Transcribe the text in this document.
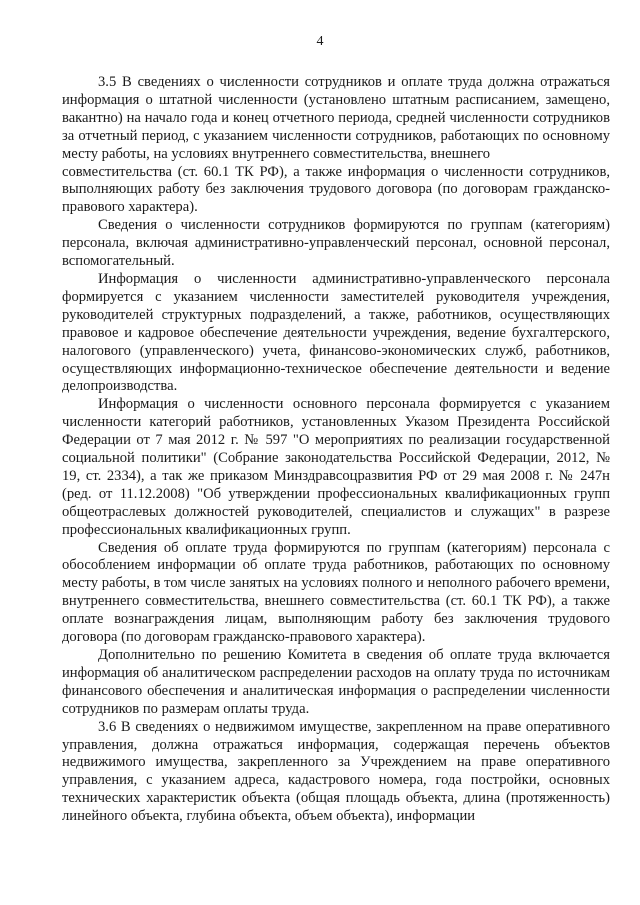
4

3.5 В сведениях о численности сотрудников и оплате труда должна отражаться информация о штатной численности (установлено штатным расписанием, замещено, вакантно) на начало года и конец отчетного периода, средней численности сотрудников за отчетный период, с указанием численности сотрудников, работающих по основному месту работы, на условиях внутреннего совместительства, внешнего

совместительства (ст. 60.1 ТК РФ), а также информация о численности сотрудников, выполняющих работу без заключения трудового договора (по договорам гражданско-правового характера).

Сведения о численности сотрудников формируются по группам (категориям) персонала, включая административно-управленческий персонал, основной персонал, вспомогательный.

Информация о численности административно-управленческого персонала формируется с указанием численности заместителей руководителя учреждения, руководителей структурных подразделений, а также, работников, осуществляющих правовое и кадровое обеспечение деятельности учреждения, ведение бухгалтерского, налогового (управленческого) учета, финансово-экономических служб, работников, осуществляющих информационно-техническое обеспечение деятельности и ведение делопроизводства.

Информация о численности основного персонала формируется с указанием численности категорий работников, установленных Указом Президента Российской Федерации от 7 мая 2012 г. № 597 "О мероприятиях по реализации государственной социальной политики" (Собрание законодательства Российской Федерации, 2012, № 19, ст. 2334), а так же приказом Минздравсоцразвития РФ от 29 мая 2008 г. № 247н (ред. от 11.12.2008) "Об утверждении профессиональных квалификационных групп общеотраслевых должностей руководителей, специалистов и служащих" в разрезе профессиональных квалификационных групп.

Сведения об оплате труда формируются по группам (категориям) персонала с обособлением информации об оплате труда работников, работающих по основному месту работы, в том числе занятых на условиях полного и неполного рабочего времени, внутреннего совместительства, внешнего совместительства (ст. 60.1 ТК РФ), а также оплате вознаграждения лицам, выполняющим работу без заключения трудового договора (по договорам гражданско-правового характера).

Дополнительно по решению Комитета в сведения об оплате труда включается информация об аналитическом распределении расходов на оплату труда по источникам финансового обеспечения и аналитическая информация о распределении численности сотрудников по размерам оплаты труда.

3.6 В сведениях о недвижимом имуществе, закрепленном на праве оперативного управления, должна отражаться информация, содержащая перечень объектов недвижимого имущества, закрепленного за Учреждением на праве оперативного управления, с указанием адреса, кадастрового номера, года постройки, основных технических характеристик объекта (общая площадь объекта, длина (протяженность) линейного объекта, глубина объекта, объем объекта), информации
